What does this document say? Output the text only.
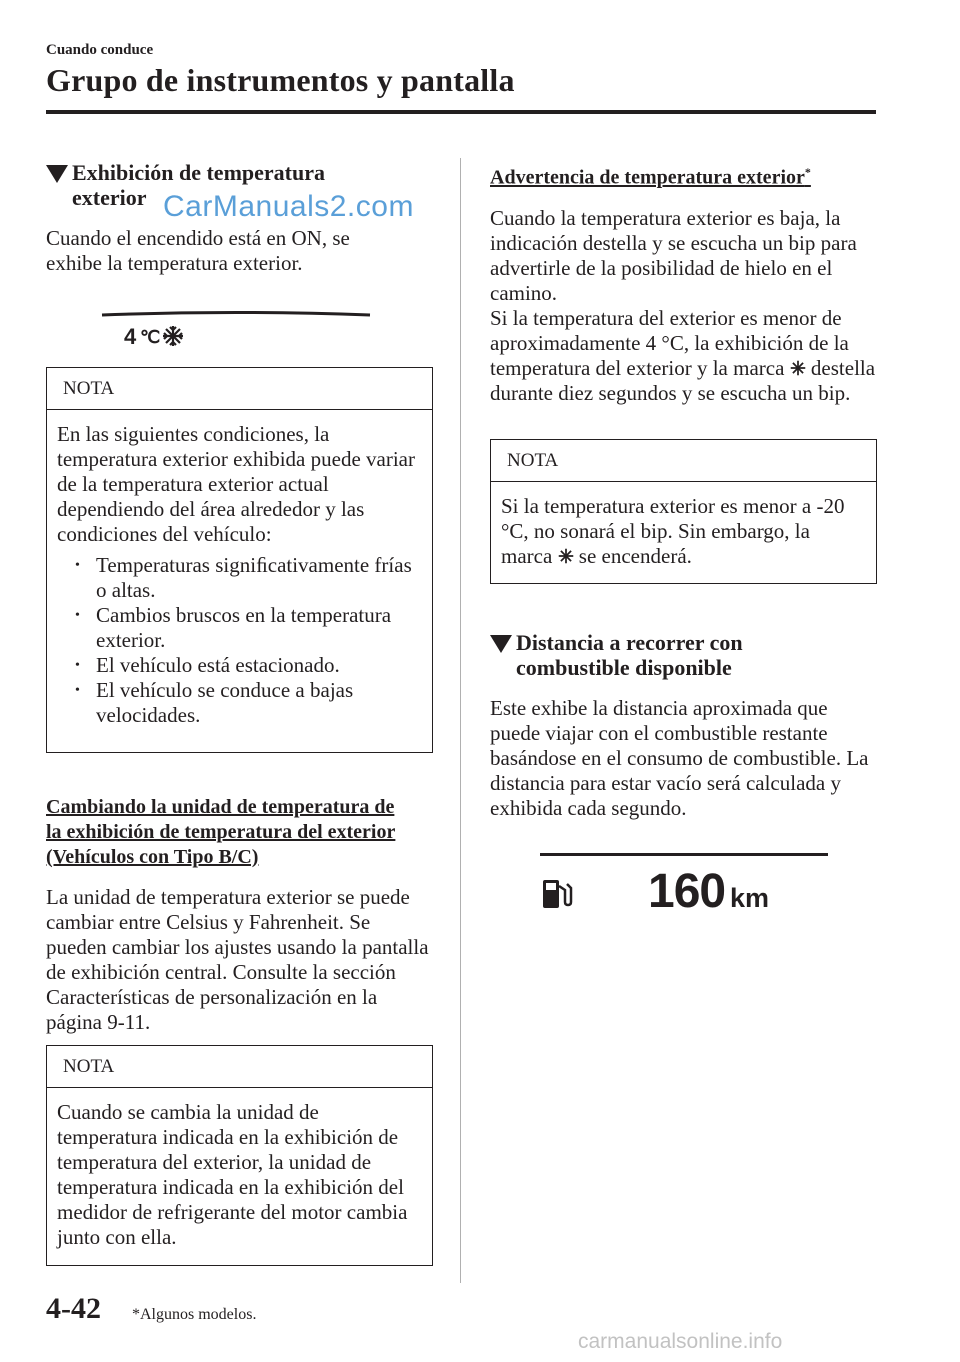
Cuando conduce
Grupo de instrumentos y pantalla
Exhibición de temperatura
exterior

Cuando el encendido está en ON, se exhibe la temperatura exterior.

CarManuals2.com
4 ℃
NOTA
En las siguientes condiciones, la temperatura exterior exhibida puede variar de la temperatura exterior actual dependiendo del área alrededor y las condiciones del vehículo:
• Temperaturas signiﬁcativamente frías o altas.
• Cambios bruscos en la temperatura exterior.
• El vehículo está estacionado.
• El vehículo se conduce a bajas velocidades.
Cambiando la unidad de temperatura de la exhibición de temperatura del exterior (Vehículos con Tipo B/C)

La unidad de temperatura exterior se puede cambiar entre Celsius y Fahrenheit. Se pueden cambiar los ajustes usando la pantalla de exhibición central. Consulte la sección Características de personalización en la página 9-11.

NOTA
Cuando se cambia la unidad de temperatura indicada en la exhibición de temperatura del exterior, la unidad de temperatura indicada en la exhibición del medidor de refrigerante del motor cambia junto con ella.
Advertencia de temperatura exterior*

Cuando la temperatura exterior es baja, la indicación destella y se escucha un bip para advertirle de la posibilidad de hielo en el camino.

Si la temperatura del exterior es menor de aproximadamente 4 °C, la exhibición de la temperatura del exterior y la marca destella durante diez segundos y se escucha un bip.

NOTA
Si la temperatura exterior es menor a -20 °C, no sonará el bip. Sin embargo, la marca se encenderá.
Distancia a recorrer con
combustible disponible

Este exhibe la distancia aproximada que puede viajar con el combustible restante basándose en el consumo de combustible. La distancia para estar vacío será calculada y exhibida cada segundo.

160 km
4-42 *Algunos modelos.
carmanualsonline.info
